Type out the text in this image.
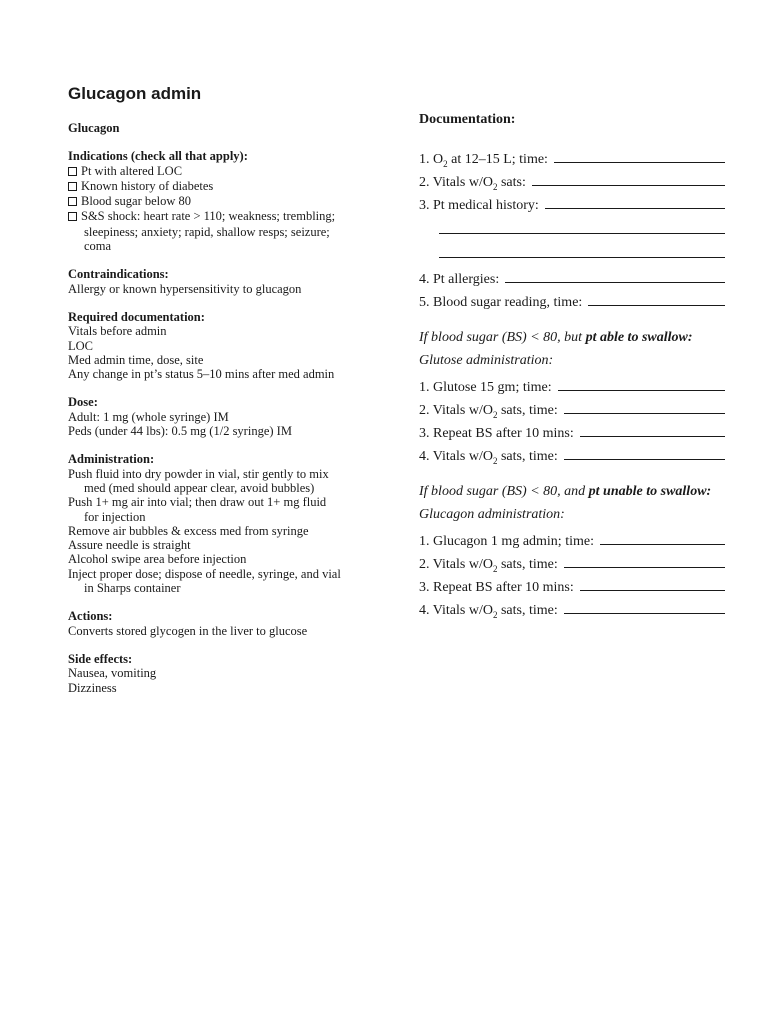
Glucagon admin
Glucagon
Indications (check all that apply):
Pt with altered LOC
Known history of diabetes
Blood sugar below 80
S&S shock: heart rate > 110; weakness; trembling;
sleepiness; anxiety; rapid, shallow resps; seizure;
coma
Contraindications:
Allergy or known hypersensitivity to glucagon
Required documentation:
Vitals before admin
LOC
Med admin time, dose, site
Any change in pt’s status 5–10 mins after med admin
Dose:
Adult: 1 mg (whole syringe) IM
Peds (under 44 lbs): 0.5 mg (1/2 syringe) IM
Administration:
Push fluid into dry powder in vial, stir gently to mix
med (med should appear clear, avoid bubbles)
Push 1+ mg air into vial; then draw out 1+ mg fluid
for injection
Remove air bubbles & excess med from syringe
Assure needle is straight
Alcohol swipe area before injection
Inject proper dose; dispose of needle, syringe, and vial
in Sharps container
Actions:
Converts stored glycogen in the liver to glucose
Side effects:
Nausea, vomiting
Dizziness
Documentation:
1. $O_2$ at 12–15 L; time:
2. Vitals $w/O_2$ sats:
3. Pt medical history:
4. Pt allergies:
5. Blood sugar reading, time:
If blood sugar (BS) < 80, but pt able to swallow:
Glutose administration:
1. Glutose 15 gm; time:
2. Vitals $w/O_2$ sats, time:
3. Repeat BS after 10 mins:
4. Vitals $w/O_2$ sats, time:
If blood sugar (BS) < 80, and pt unable to swallow:
Glucagon administration:
1. Glucagon 1 mg admin; time:
2. Vitals $w/O_2$ sats, time:
3. Repeat BS after 10 mins:
4. Vitals $w/O_2$ sats, time:
